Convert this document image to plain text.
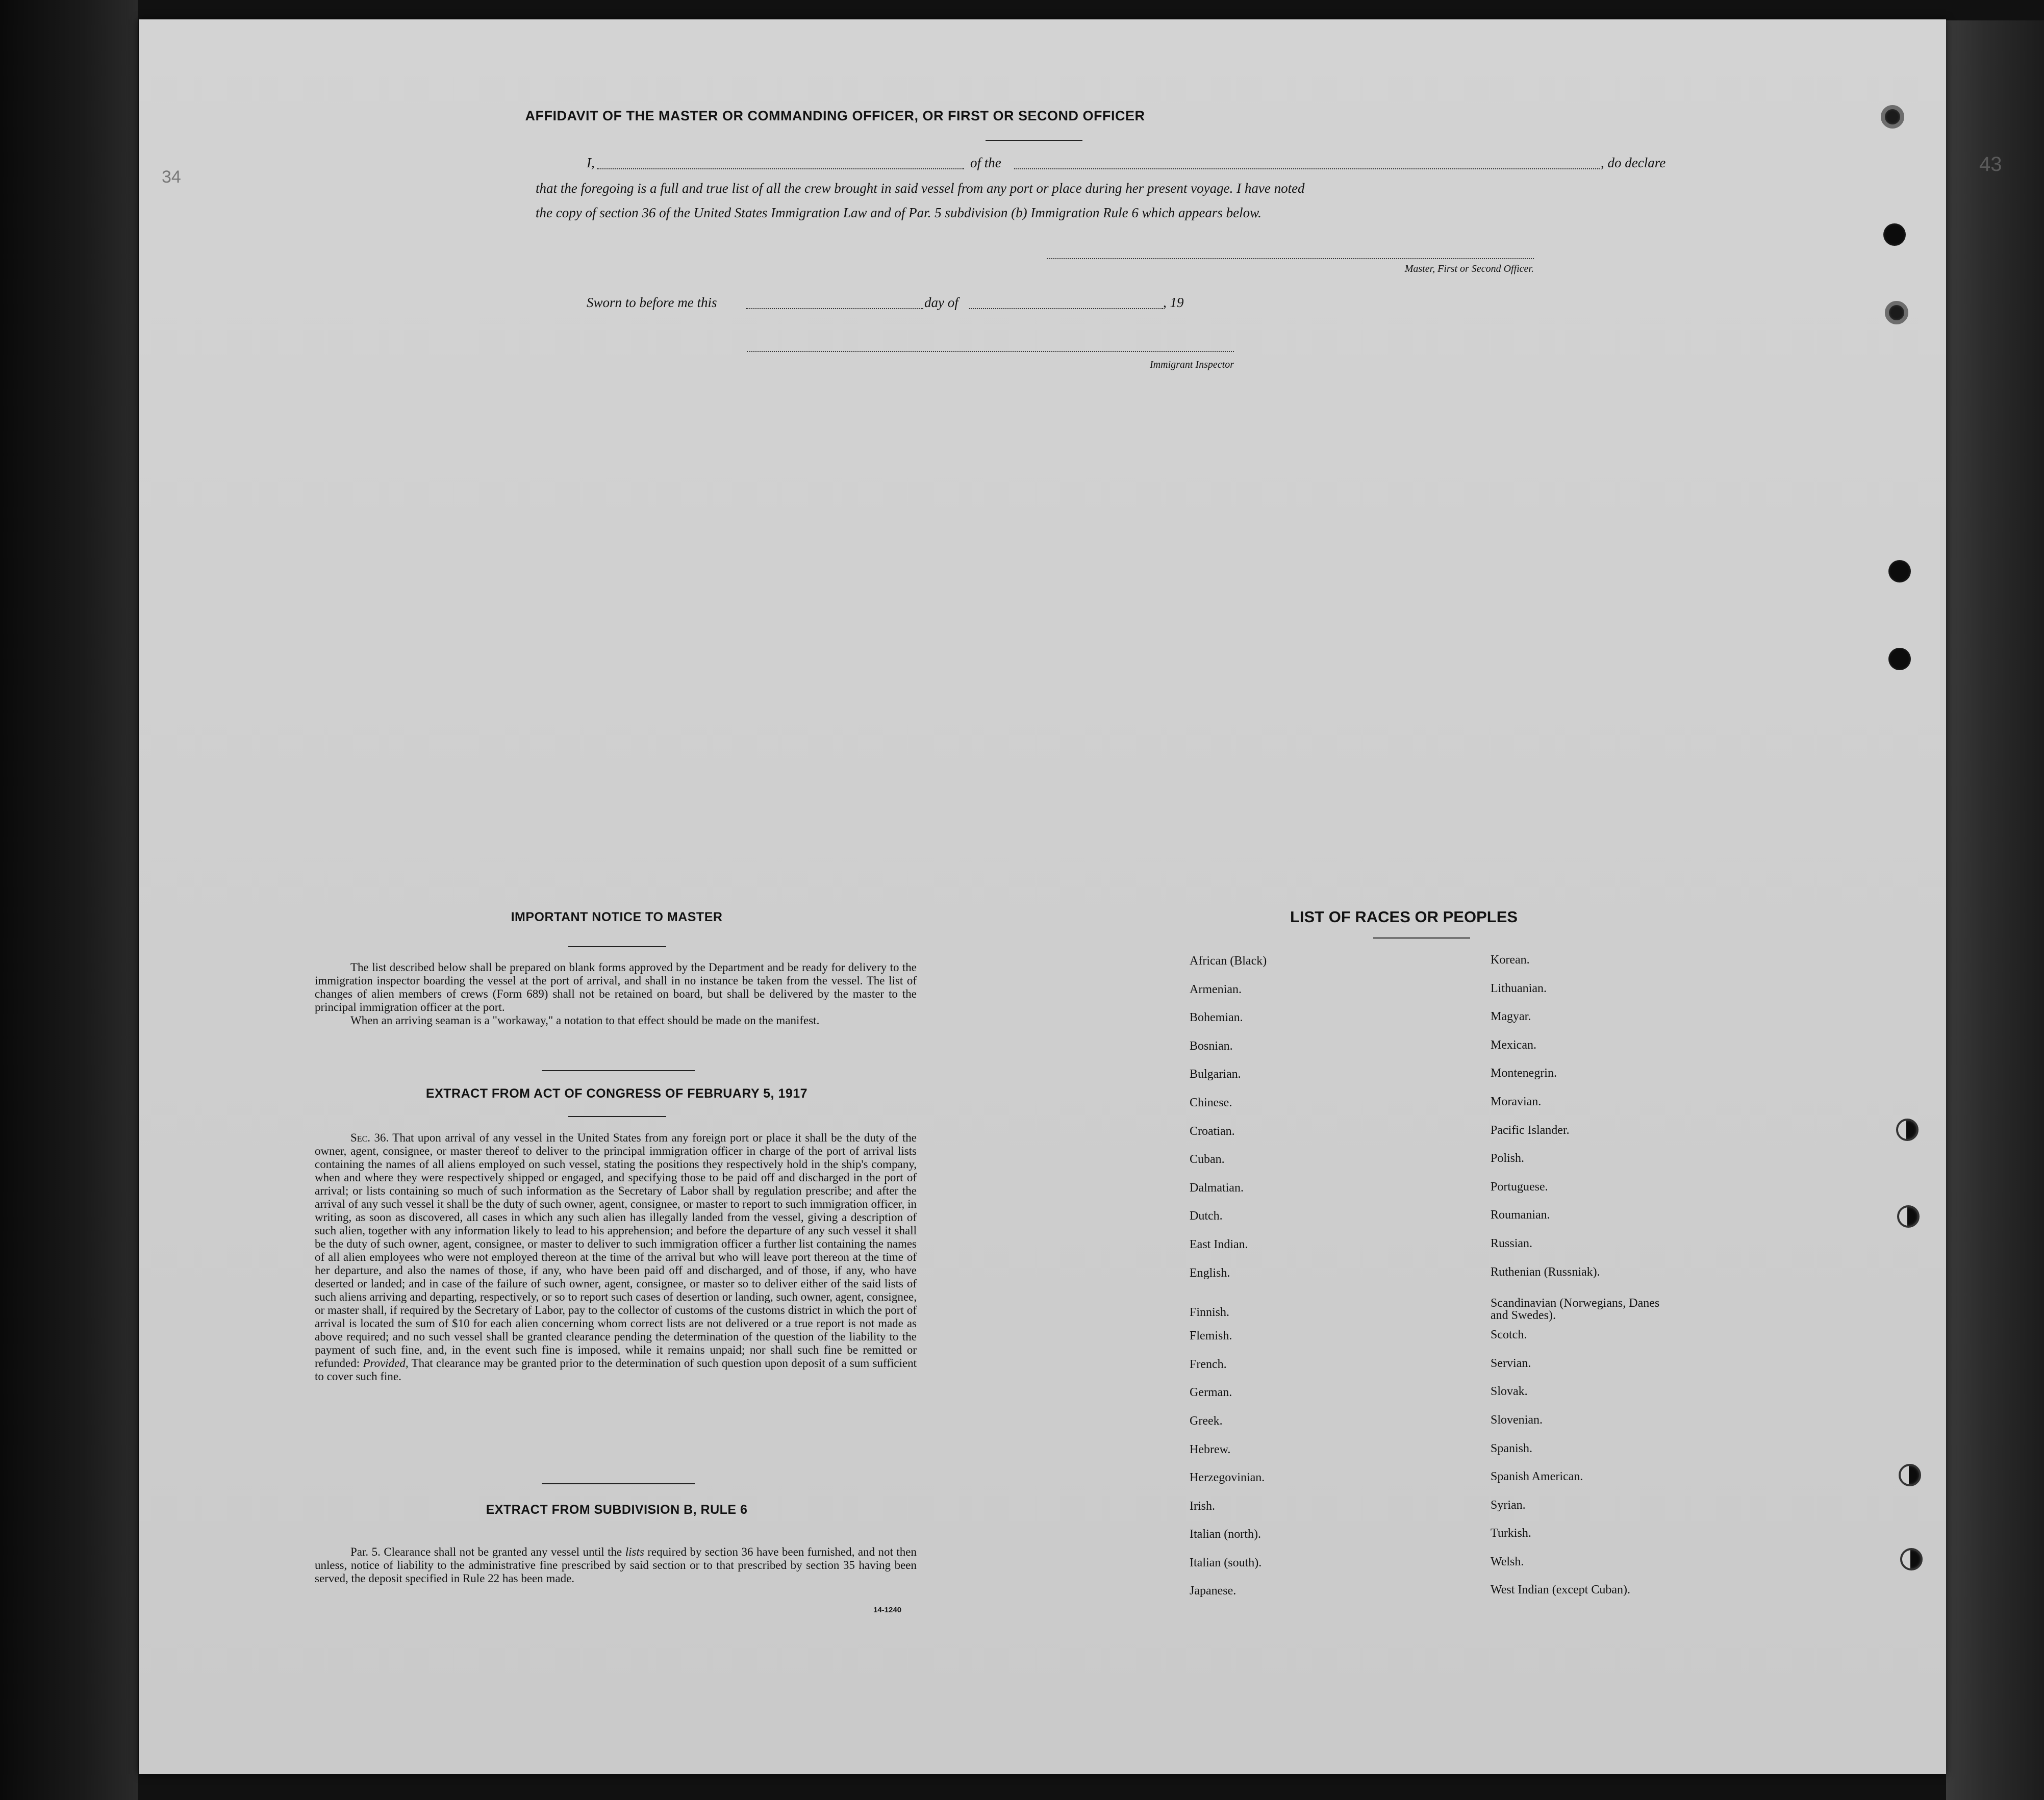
43
34
AFFIDAVIT OF THE MASTER OR COMMANDING OFFICER, OR FIRST OR SECOND OFFICER
I,	of the	, do declare
that the foregoing is a full and true list of all the crew brought in said vessel from any port or place during her present voyage. I have noted
the copy of section 36 of the United States Immigration Law and of Par. 5 subdivision (b) Immigration Rule 6 which appears below.
Master, First or Second Officer.
Sworn to before me this	day of	, 19
Immigrant Inspector
IMPORTANT NOTICE TO MASTER
The list described below shall be prepared on blank forms approved by the Department and be ready for delivery to the immigration inspector boarding the vessel at the port of arrival, and shall in no instance be taken from the vessel. The list of changes of alien members of crews (Form 689) shall not be retained on board, but shall be delivered by the master to the principal immigration officer at the port.
When an arriving seaman is a "workaway," a notation to that effect should be made on the manifest.
EXTRACT FROM ACT OF CONGRESS OF FEBRUARY 5, 1917
Sec. 36. That upon arrival of any vessel in the United States from any foreign port or place it shall be the duty of the owner, agent, consignee, or master thereof to deliver to the principal immigration officer in charge of the port of arrival lists containing the names of all aliens employed on such vessel, stating the positions they respectively hold in the ship's company, when and where they were respectively shipped or engaged, and specifying those to be paid off and discharged in the port of arrival; or lists containing so much of such information as the Secretary of Labor shall by regulation prescribe; and after the arrival of any such vessel it shall be the duty of such owner, agent, consignee, or master to report to such immigration officer, in writing, as soon as discovered, all cases in which any such alien has illegally landed from the vessel, giving a description of such alien, together with any information likely to lead to his apprehension; and before the departure of any such vessel it shall be the duty of such owner, agent, consignee, or master to deliver to such immigration officer a further list containing the names of all alien employees who were not employed thereon at the time of the arrival but who will leave port thereon at the time of her departure, and also the names of those, if any, who have been paid off and discharged, and of those, if any, who have deserted or landed; and in case of the failure of such owner, agent, consignee, or master so to deliver either of the said lists of such aliens arriving and departing, respectively, or so to report such cases of desertion or landing, such owner, agent, consignee, or master shall, if required by the Secretary of Labor, pay to the collector of customs of the customs district in which the port of arrival is located the sum of $10 for each alien concerning whom correct lists are not delivered or a true report is not made as above required; and no such vessel shall be granted clearance pending the determination of the question of the liability to the payment of such fine, and, in the event such fine is imposed, while it remains unpaid; nor shall such fine be remitted or refunded: Provided, That clearance may be granted prior to the determination of such question upon deposit of a sum sufficient to cover such fine.
EXTRACT FROM SUBDIVISION B, RULE 6
Par. 5. Clearance shall not be granted any vessel until the lists required by section 36 have been furnished, and not then unless, notice of liability to the administrative fine prescribed by said section or to that prescribed by section 35 having been served, the deposit specified in Rule 22 has been made.
14-1240
LIST OF RACES OR PEOPLES
African (Black)
Armenian.
Bohemian.
Bosnian.
Bulgarian.
Chinese.
Croatian.
Cuban.
Dalmatian.
Dutch.
East Indian.
English.
Finnish.
Flemish.
French.
German.
Greek.
Hebrew.
Herzegovinian.
Irish.
Italian (north).
Italian (south).
Japanese.
Korean.
Lithuanian.
Magyar.
Mexican.
Montenegrin.
Moravian.
Pacific Islander.
Polish.
Portuguese.
Roumanian.
Russian.
Ruthenian (Russniak).
Scandinavian (Norwegians, Danes and Swedes).
Scotch.
Servian.
Slovak.
Slovenian.
Spanish.
Spanish American.
Syrian.
Turkish.
Welsh.
West Indian (except Cuban).
